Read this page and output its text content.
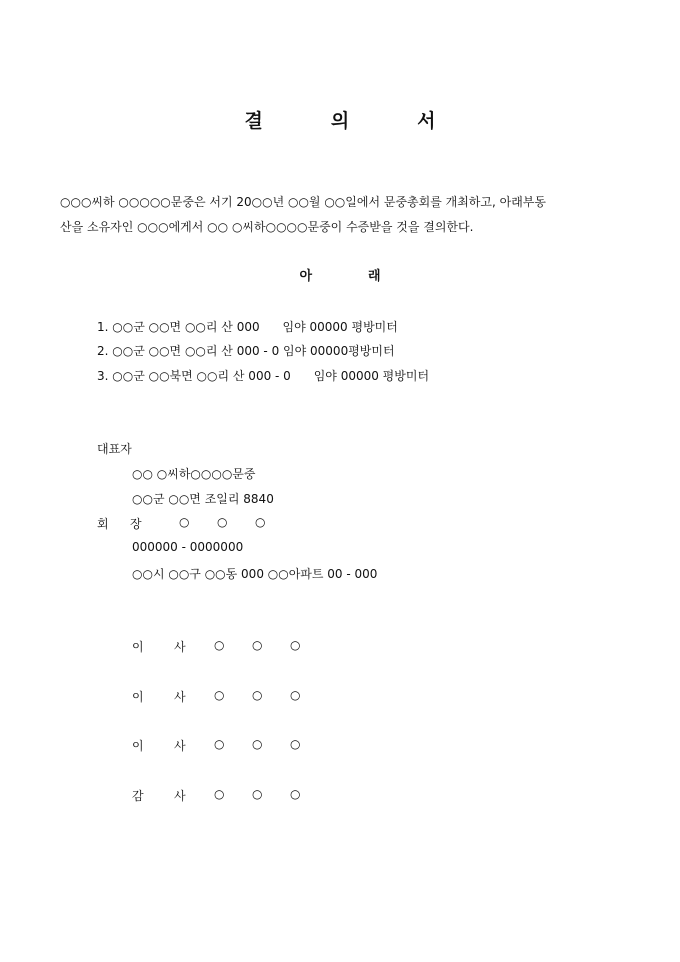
결	의	서
○○○씨하 ○○○○○문중은 서기 20○○년 ○○월 ○○일에서 문중총회를 개최하고, 아래부동
산을 소유자인 ○○○에게서 ○○ ○씨하○○○○문중이 수증받을 것을 결의한다.
아	래
1. ○○군 ○○면 ○○리 산 000      임야 00000 평방미터
2. ○○군 ○○면 ○○리 산 000 - 0 임야 00000평방미터
3. ○○군 ○○북면 ○○리 산 000 - 0      임야 00000 평방미터
대표자
○○ ○씨하○○○○문중
○○군 ○○면 조일리 8840
회 장	○ ○ ○
000000 - 0000000
○○시 ○○구 ○○동 000 ○○아파트 00 - 000
이	사 ○ ○ ○
이	사 ○ ○ ○
이	사 ○ ○ ○
감	사 ○ ○ ○
